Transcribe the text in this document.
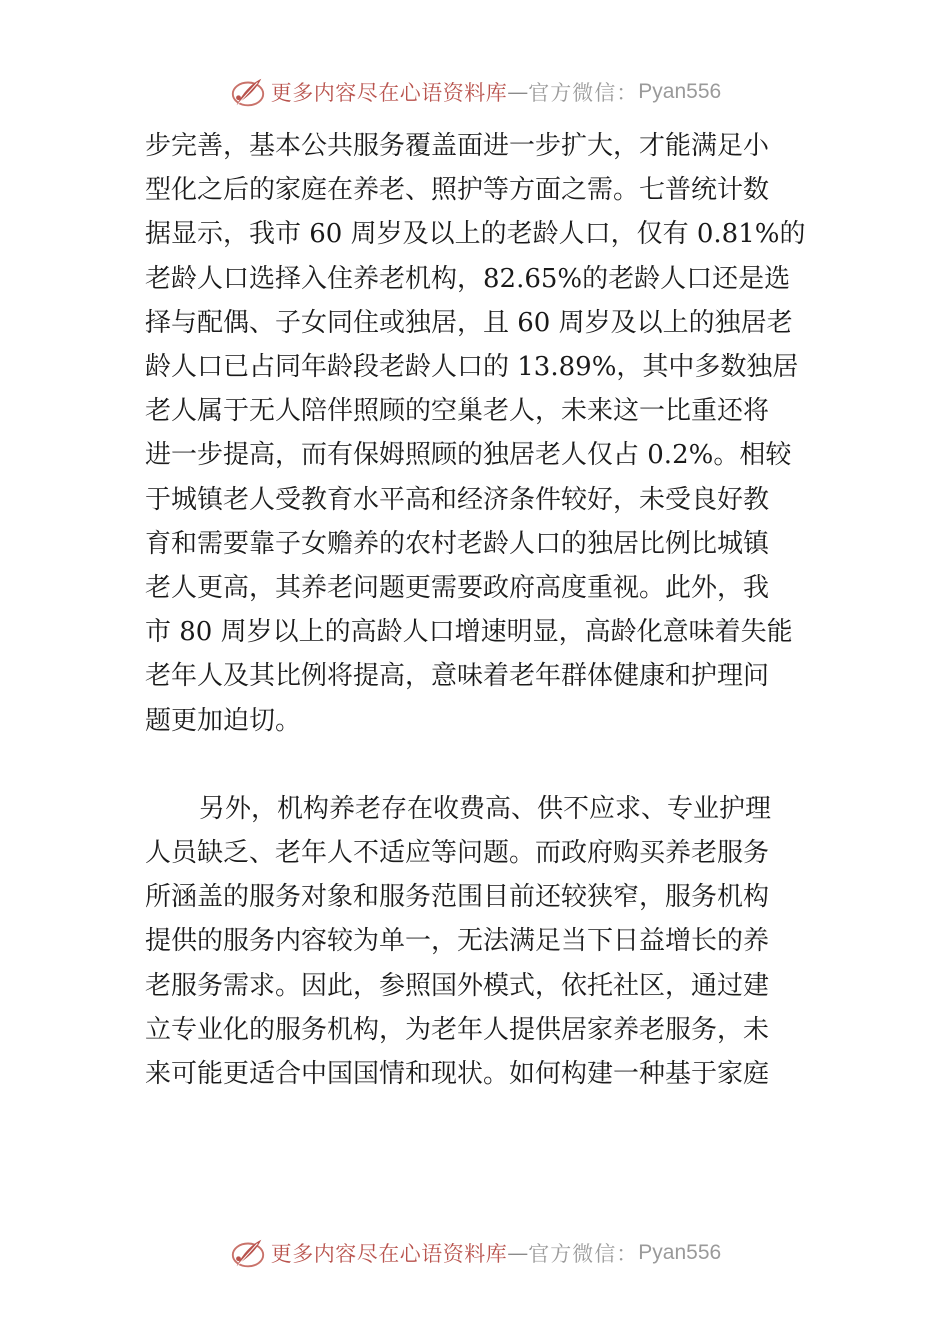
更多内容尽在心语资料库 — 官方微信： Pyan556

步完善，基本公共服务覆盖面进一步扩大，才能满足小
型化之后的家庭在养老、照护等方面之需。七普统计数
据显示，我市 60 周岁及以上的老龄人口，仅有 0.81%的
老龄人口选择入住养老机构，82.65%的老龄人口还是选
择与配偶、子女同住或独居，且 60 周岁及以上的独居老
龄人口已占同年龄段老龄人口的 13.89%，其中多数独居
老人属于无人陪伴照顾的空巢老人，未来这一比重还将
进一步提高，而有保姆照顾的独居老人仅占 0.2%。相较
于城镇老人受教育水平高和经济条件较好，未受良好教
育和需要靠子女赡养的农村老龄人口的独居比例比城镇
老人更高，其养老问题更需要政府高度重视。此外，我
市 80 周岁以上的高龄人口增速明显，高龄化意味着失能
老年人及其比例将提高，意味着老年群体健康和护理问
题更加迫切。

另外，机构养老存在收费高、供不应求、专业护理
人员缺乏、老年人不适应等问题。而政府购买养老服务
所涵盖的服务对象和服务范围目前还较狭窄，服务机构
提供的服务内容较为单一，无法满足当下日益增长的养
老服务需求。因此，参照国外模式，依托社区，通过建
立专业化的服务机构，为老年人提供居家养老服务，未
来可能更适合中国国情和现状。如何构建一种基于家庭

更多内容尽在心语资料库 — 官方微信： Pyan556
